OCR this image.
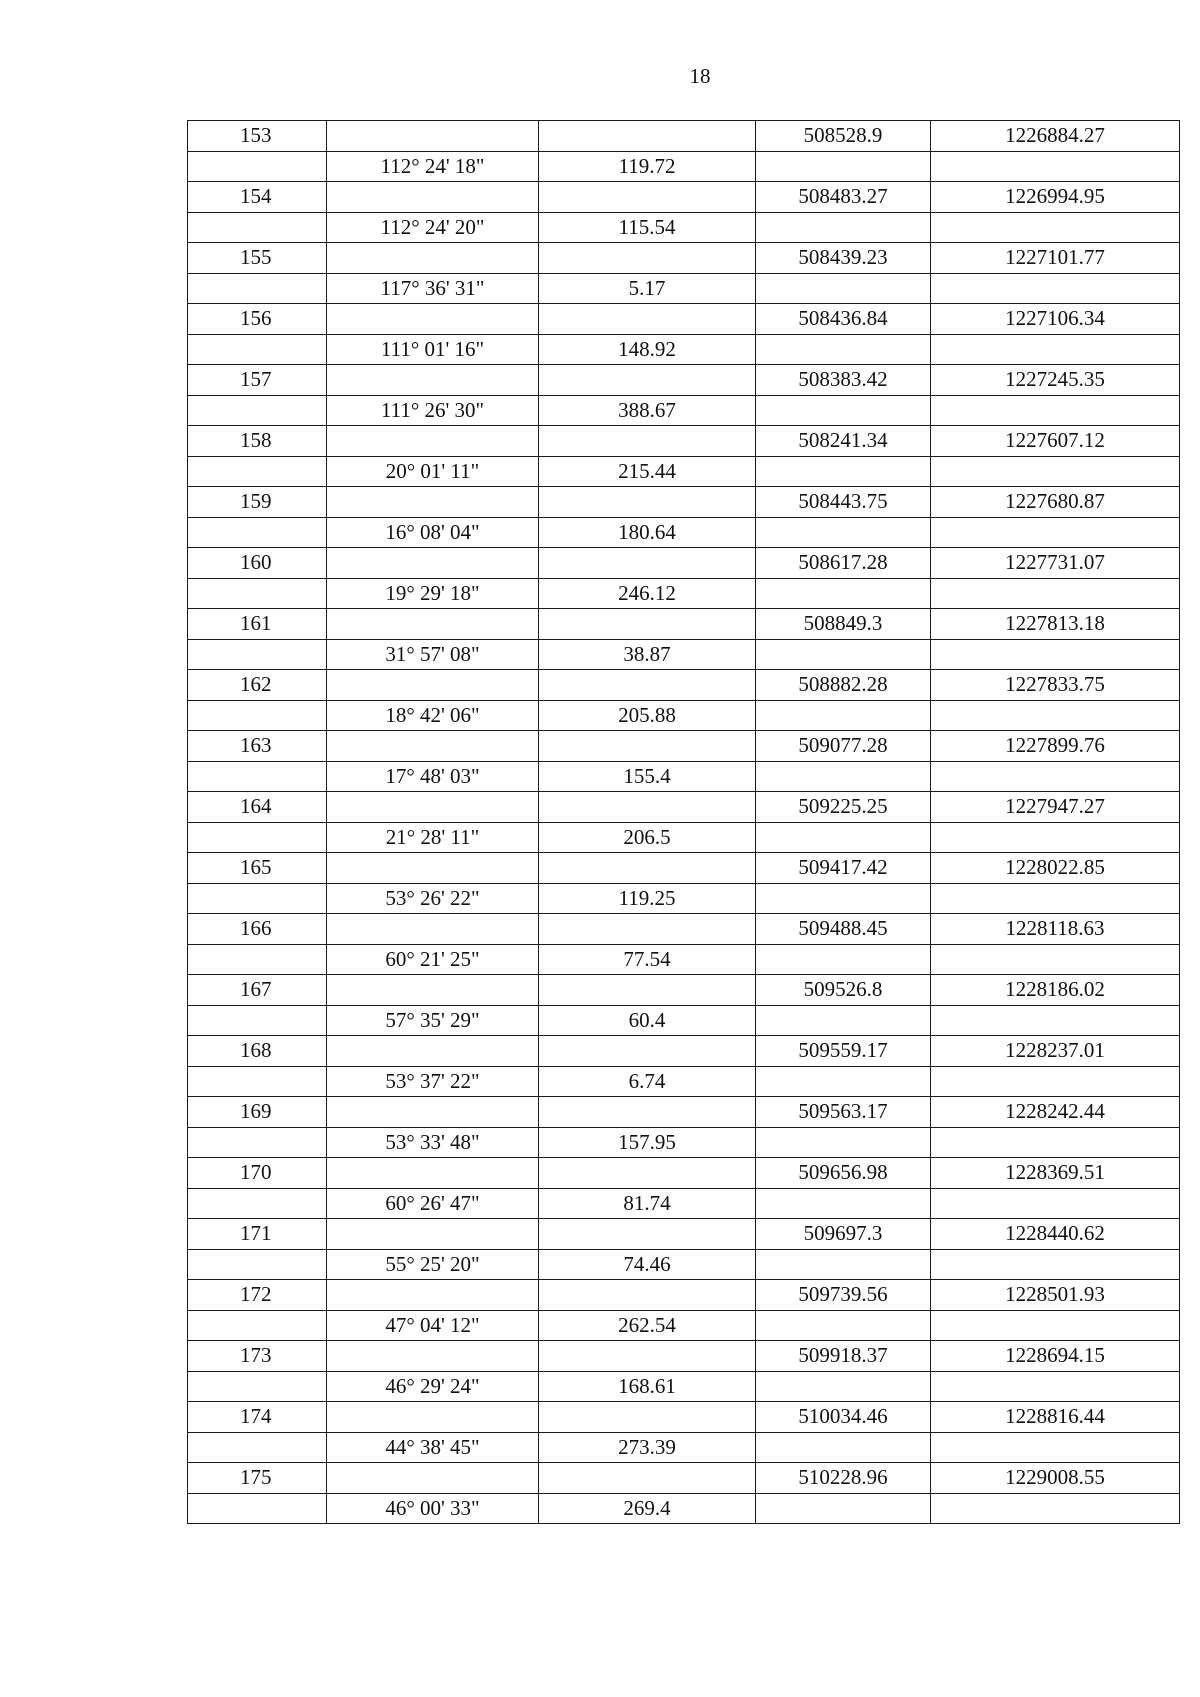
18
153			508528.9	1226884.27
	112° 24' 18"	119.72		
154			508483.27	1226994.95
	112° 24' 20"	115.54		
155			508439.23	1227101.77
	117° 36' 31"	5.17		
156			508436.84	1227106.34
	111° 01' 16"	148.92		
157			508383.42	1227245.35
	111° 26' 30"	388.67		
158			508241.34	1227607.12
	20° 01' 11"	215.44		
159			508443.75	1227680.87
	16° 08' 04"	180.64		
160			508617.28	1227731.07
	19° 29' 18"	246.12		
161			508849.3	1227813.18
	31° 57' 08"	38.87		
162			508882.28	1227833.75
	18° 42' 06"	205.88		
163			509077.28	1227899.76
	17° 48' 03"	155.4		
164			509225.25	1227947.27
	21° 28' 11"	206.5		
165			509417.42	1228022.85
	53° 26' 22"	119.25		
166			509488.45	1228118.63
	60° 21' 25"	77.54		
167			509526.8	1228186.02
	57° 35' 29"	60.4		
168			509559.17	1228237.01
	53° 37' 22"	6.74		
169			509563.17	1228242.44
	53° 33' 48"	157.95		
170			509656.98	1228369.51
	60° 26' 47"	81.74		
171			509697.3	1228440.62
	55° 25' 20"	74.46		
172			509739.56	1228501.93
	47° 04' 12"	262.54		
173			509918.37	1228694.15
	46° 29' 24"	168.61		
174			510034.46	1228816.44
	44° 38' 45"	273.39		
175			510228.96	1229008.55
	46° 00' 33"	269.4		
